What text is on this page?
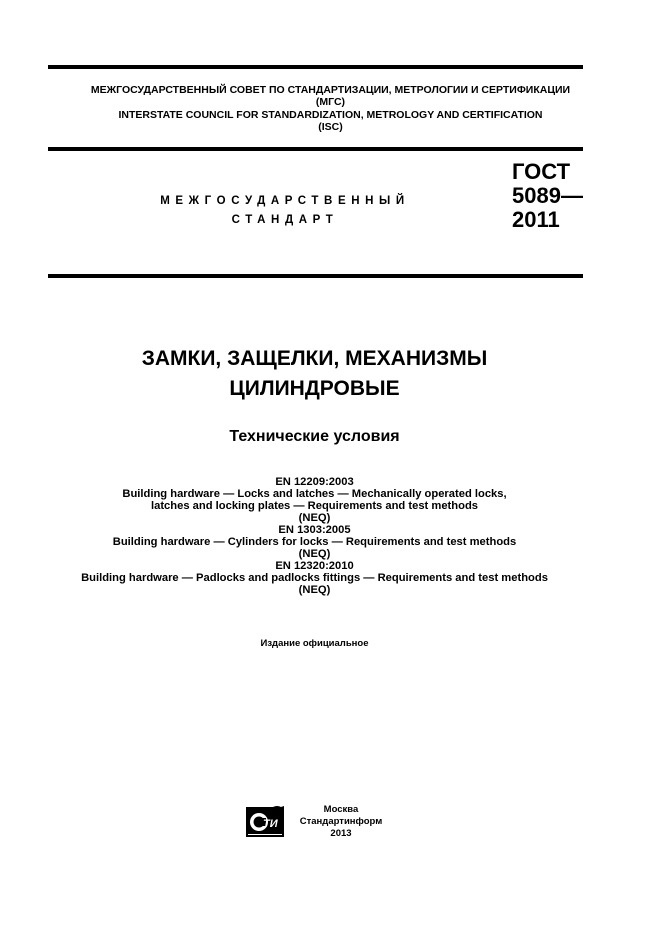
МЕЖГОСУДАРСТВЕННЫЙ СОВЕТ ПО СТАНДАРТИЗАЦИИ, МЕТРОЛОГИИ И СЕРТИФИКАЦИИ
(МГС)
INTERSTATE COUNCIL FOR STANDARDIZATION, METROLOGY AND CERTIFICATION
(ISC)
МЕЖГОСУДАРСТВЕННЫЙ
СТАНДАРТ
ГОСТ
5089—
2011
ЗАМКИ, ЗАЩЕЛКИ, МЕХАНИЗМЫ
ЦИЛИНДРОВЫЕ
Технические условия
EN 12209:2003
Building hardware — Locks and latches — Mechanically operated locks,
latches and locking plates — Requirements and test methods
(NEQ)
EN 1303:2005
Building hardware — Cylinders for locks — Requirements and test methods
(NEQ)
EN 12320:2010
Building hardware — Padlocks and padlocks fittings — Requirements and test methods
(NEQ)
Издание официальное
ТИ
Москва
Стандартинформ
2013
